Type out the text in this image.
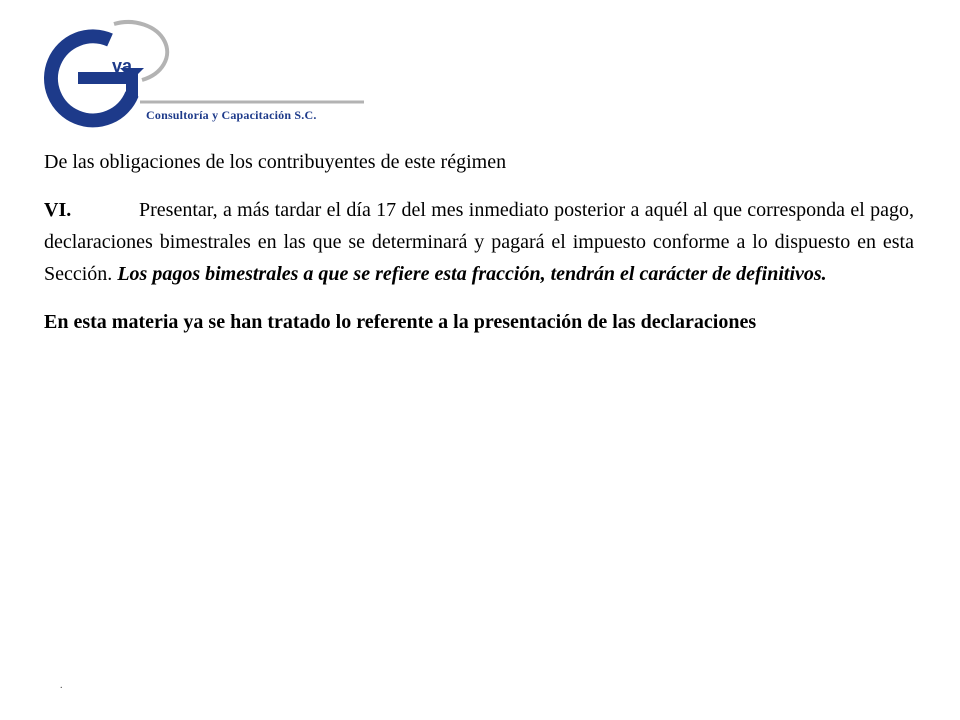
va
Consultoría y Capacitación S.C.

De las obligaciones de los contribuyentes de este régimen

VI.	Presentar, a más tardar el día 17 del mes inmediato posterior a aquél al que corresponda el pago, declaraciones bimestrales en las que se determinará y pagará el impuesto conforme a lo dispuesto en esta Sección. Los pagos bimestrales a que se refiere esta fracción, tendrán el carácter de definitivos.

En esta materia ya se han tratado lo referente a la presentación de las declaraciones

.
